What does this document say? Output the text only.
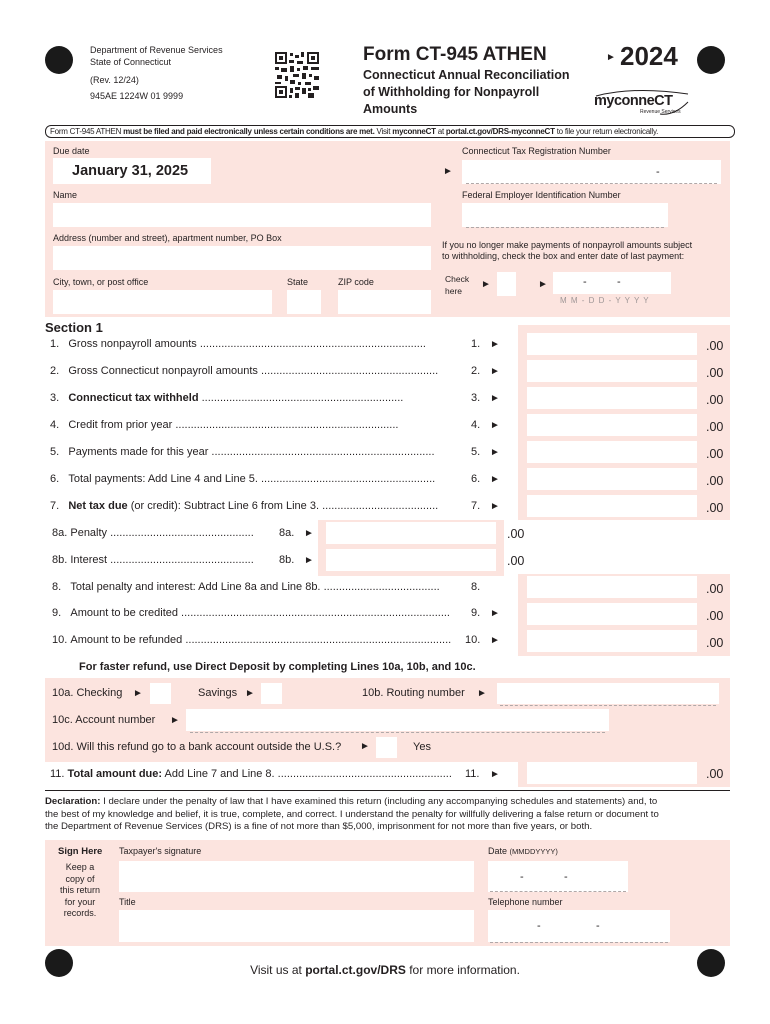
Department of Revenue Services
State of Connecticut
(Rev. 12/24)
945AE 1224W 01 9999
Form CT-945 ATHEN
Connecticut Annual Reconciliation
of Withholding for Nonpayroll
Amounts
► 2024
myconneCT
Revenue Services
Form CT-945 ATHEN must be filed and paid electronically unless certain conditions are met. Visit myconneCT at portal.ct.gov/DRS-myconneCT to file your return electronically.
Due date
January 31, 2025
Connecticut Tax Registration Number
►	-
Name	Federal Employer Identification Number
This return MUST be filed electronically!
Address (number and street), apartment number, PO Box
DO NOT MAIL paper tax return to DRS.
If you no longer make payments of nonpayroll amounts subject
to withholding, check the box and enter date of last payment:
City, town, or post office	State	ZIP code	Check
here
►	►	-	-
M M - D D - Y Y Y Y
Section 1
1. Gross nonpayroll amounts ..........................................................................	1. ►	.00
2. Gross Connecticut nonpayroll amounts ..........................................................	2. ►	.00
3. Connecticut tax withheld ..................................................................	3. ►	.00
4. Credit from prior year .........................................................................	4. ►	.00
5. Payments made for this year .........................................................................	5. ►	.00
6. Total payments: Add Line 4 and Line 5. .........................................................	6. ►	.00
7. Net tax due (or credit): Subtract Line 6 from Line 3. ......................................	7. ►	.00
8a. Penalty ............................................... 8a. ►	.00
8b. Interest ............................................... 8b. ►	.00
8. Total penalty and interest: Add Line 8a and Line 8b. ......................................	8.	.00
9. Amount to be credited ........................................................................................ 9. ►	.00
10. Amount to be refunded ....................................................................................... 10. ►	.00
For faster refund, use Direct Deposit by completing Lines 10a, 10b, and 10c.
10a. Checking ►	Savings ►	10b. Routing number ►
10c. Account number ►
10d. Will this refund go to a bank account outside the U.S.? ►	Yes
11. Total amount due: Add Line 7 and Line 8. ......................................................... 11. ►	.00
Declaration: I declare under the penalty of law that I have examined this return (including any accompanying schedules and statements) and, to
the best of my knowledge and belief, it is true, complete, and correct. I understand the penalty for willfully delivering a false return or document to
the Department of Revenue Services (DRS) is a fine of not more than $5,000, imprisonment for not more than five years, or both.
Sign Here
Keep a
copy of
this return
for your
records.
Taxpayer's signature
This return MUST be filed electronically!
Date (MMDDYYYY)
-	-
Title
DO NOT MAIL paper tax return to DRS.
Telephone number
-	-
Visit us at portal.ct.gov/DRS for more information.
